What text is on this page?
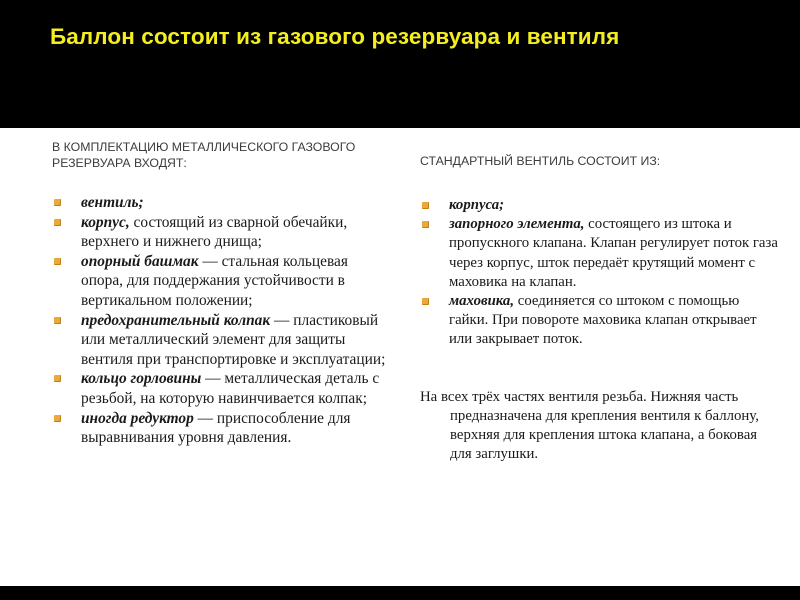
Баллон состоит из газового резервуара и вентиля

В КОМПЛЕКТАЦИЮ МЕТАЛЛИЧЕСКОГО ГАЗОВОГО РЕЗЕРВУАРА ВХОДЯТ:

вентиль;
корпус, состоящий из сварной обечайки, верхнего и нижнего днища;
опорный башмак — стальная кольцевая опора, для поддержания устойчивости в вертикальном положении;
предохранительный колпак — пластиковый или металлический элемент для защиты вентиля при транспортировке и эксплуатации;
кольцо горловины — металлическая деталь с резьбой, на которую навинчивается колпак;
иногда редуктор — приспособление для выравнивания уровня давления.

СТАНДАРТНЫЙ ВЕНТИЛЬ СОСТОИТ ИЗ:

корпуса;
запорного элемента, состоящего из штока и пропускного клапана. Клапан регулирует поток газа через корпус, шток передаёт крутящий момент с маховика на клапан.
маховика, соединяется со штоком с помощью гайки. При повороте маховика клапан открывает или закрывает поток.

На всех трёх частях вентиля резьба. Нижняя часть предназначена для крепления вентиля к баллону, верхняя для крепления штока клапана, а боковая для заглушки.
